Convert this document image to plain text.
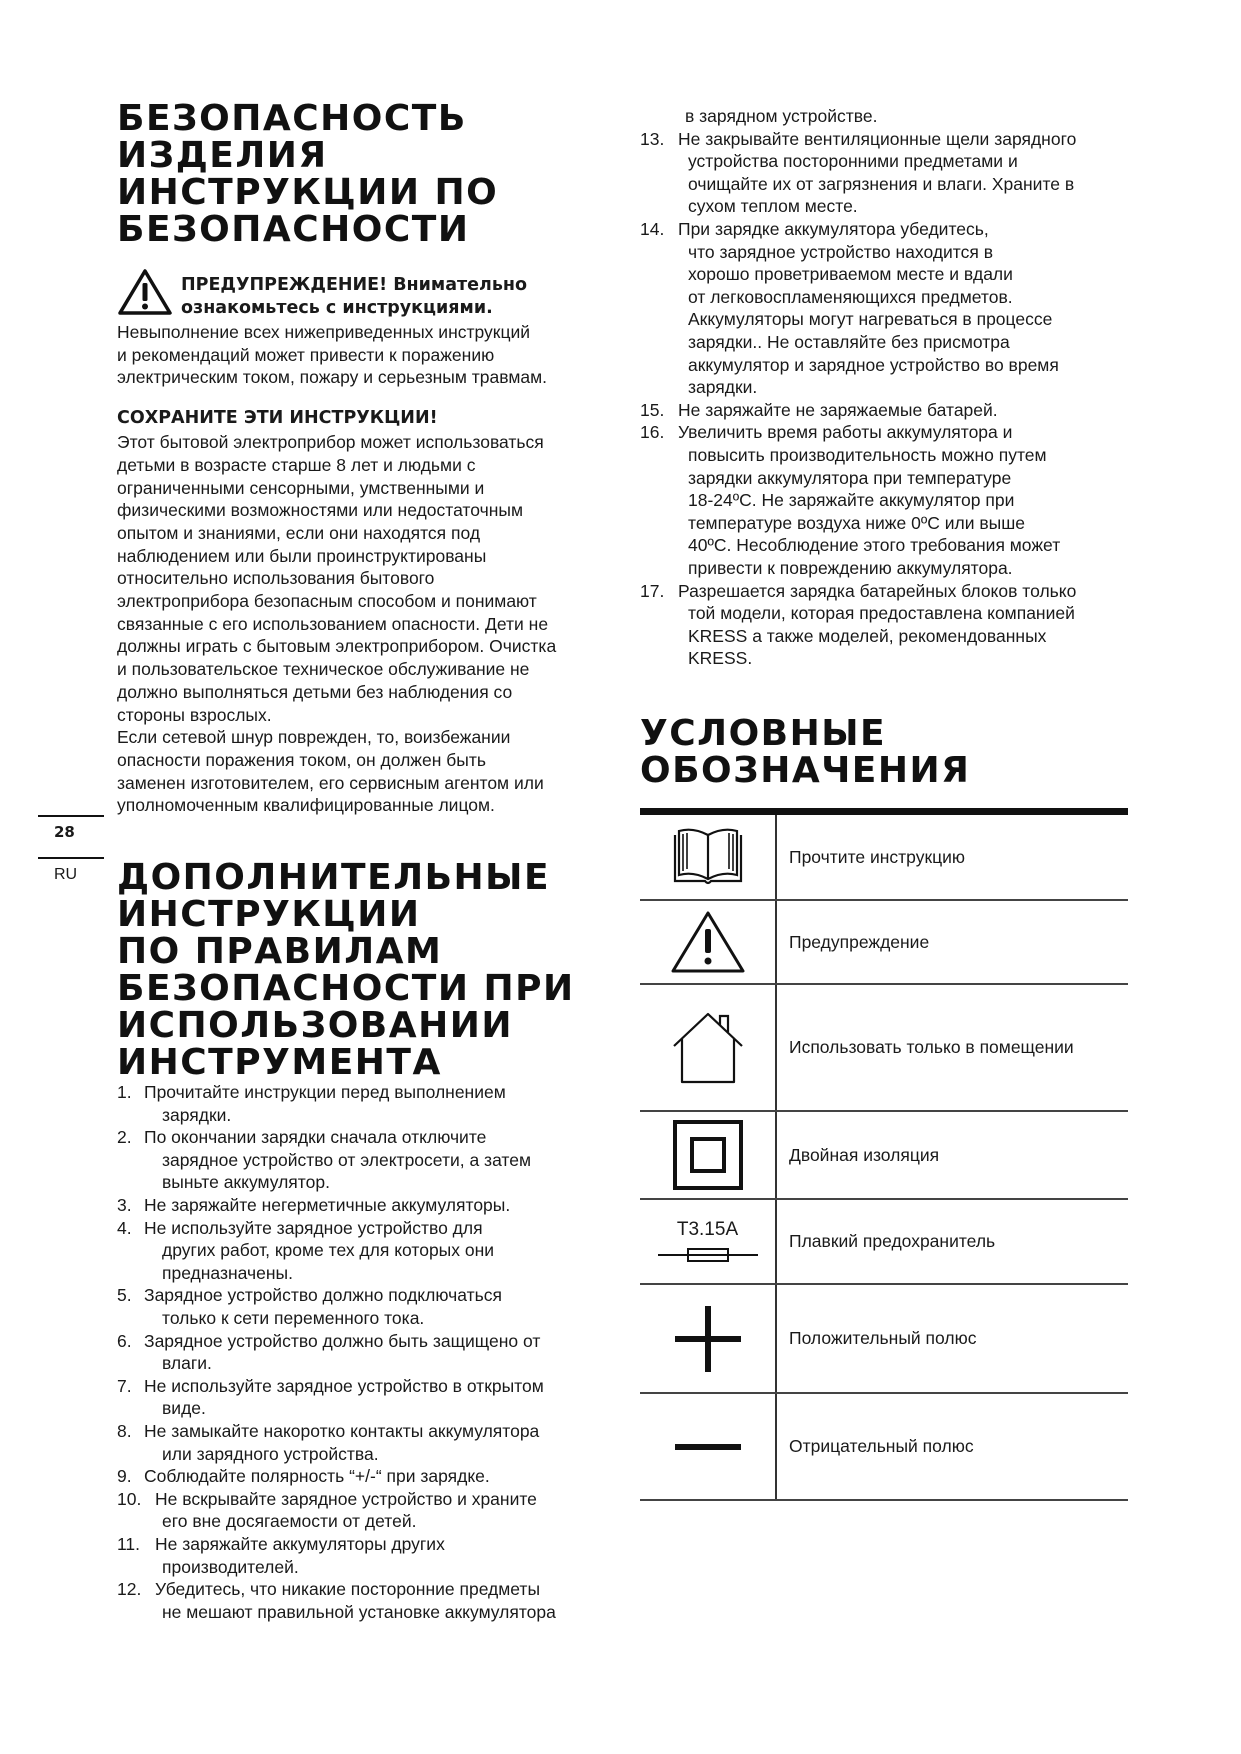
БЕЗОПАСНОСТЬ
ИЗДЕЛИЯ
ИНСТРУКЦИИ ПО
БЕЗОПАСНОСТИ
ПРЕДУПРЕЖДЕНИЕ! Внимательно
ознакомьтесь с инструкциями.
Невыполнение всех нижеприведенных инструкций
и рекомендаций может привести к поражению
электрическим током, пожару и серьезным травмам.
СОХРАНИТЕ ЭТИ ИНСТРУКЦИИ!
Этот бытовой электроприбор может использоваться
детьми в возрасте старше 8 лет и людьми с
ограниченными сенсорными, умственными и
физическими возможностями или недостаточным
опытом и знаниями, если они находятся под
наблюдением или были проинструктированы
относительно использования бытового
электроприбора безопасным способом и понимают
связанные с его использованием опасности. Дети не
должны играть с бытовым электроприбором. Очистка
и пользовательское техническое обслуживание не
должно выполняться детьми без наблюдения со
стороны взрослых.
Если сетевой шнур поврежден, то, воизбежании
опасности поражения током, он должен быть
заменен изготовителем, его сервисным агентом или
уполномоченным квалифицированные лицом.
ДОПОЛНИТЕЛЬНЫЕ
ИНСТРУКЦИИ
ПО ПРАВИЛАМ
БЕЗОПАСНОСТИ ПРИ
ИСПОЛЬЗОВАНИИ
ИНСТРУМЕНТА
1. Прочитайте инструкции перед выполнением
зарядки.
2. По окончании зарядки сначала отключите
зарядное устройство от электросети, а затем
выньте аккумулятор.
3. Не заряжайте негерметичные аккумуляторы.
4. Не используйте зарядное устройство для
других работ, кроме тех для которых они
предназначены.
5. Зарядное устройство должно подключаться
только к сети переменного тока.
6. Зарядное устройство должно быть защищено от
влаги.
7. Не используйте зарядное устройство в открытом
виде.
8. Не замыкайте накоротко контакты аккумулятора
или зарядного устройства.
9. Соблюдайте полярность “+/-“ при зарядке.
10. Не вскрывайте зарядное устройство и храните
его вне досягаемости от детей.
11. Не заряжайте аккумуляторы других
производителей.
12. Убедитесь, что никакие посторонние предметы
не мешают правильной установке аккумулятора
28
RU
в зарядном устройстве.
13. Не закрывайте вентиляционные щели зарядного
устройства посторонними предметами и
очищайте их от загрязнения и влаги. Храните в
сухом теплом месте.
14. При зарядке аккумулятора убедитесь,
что зарядное устройство находится в
хорошо проветриваемом месте и вдали
от легковоспламеняющихся предметов.
Аккумуляторы могут нагреваться в процессе
зарядки.. Не оставляйте без присмотра
аккумулятор и зарядное устройство во время
зарядки.
15. Не заряжайте не заряжаемые батарей.
16. Увеличить время работы аккумулятора и
повысить производительность можно путем
зарядки аккумулятора при температуре
18-24ºC. Не заряжайте аккумулятор при
температуре воздуха ниже 0ºC или выше
40ºC. Несоблюдение этого требования может
привести к повреждению аккумулятора.
17. Разрешается зарядка батарейных блоков только
той модели, которая предоставлена компанией
KRESS а также моделей, рекомендованных
KRESS.
УСЛОВНЫЕ
ОБОЗНАЧЕНИЯ
Прочтите инструкцию
Предупреждение
Использовать только в помещении
Двойная изоляция
T3.15A
Плавкий предохранитель
Положительный полюс
Отрицательный полюс
